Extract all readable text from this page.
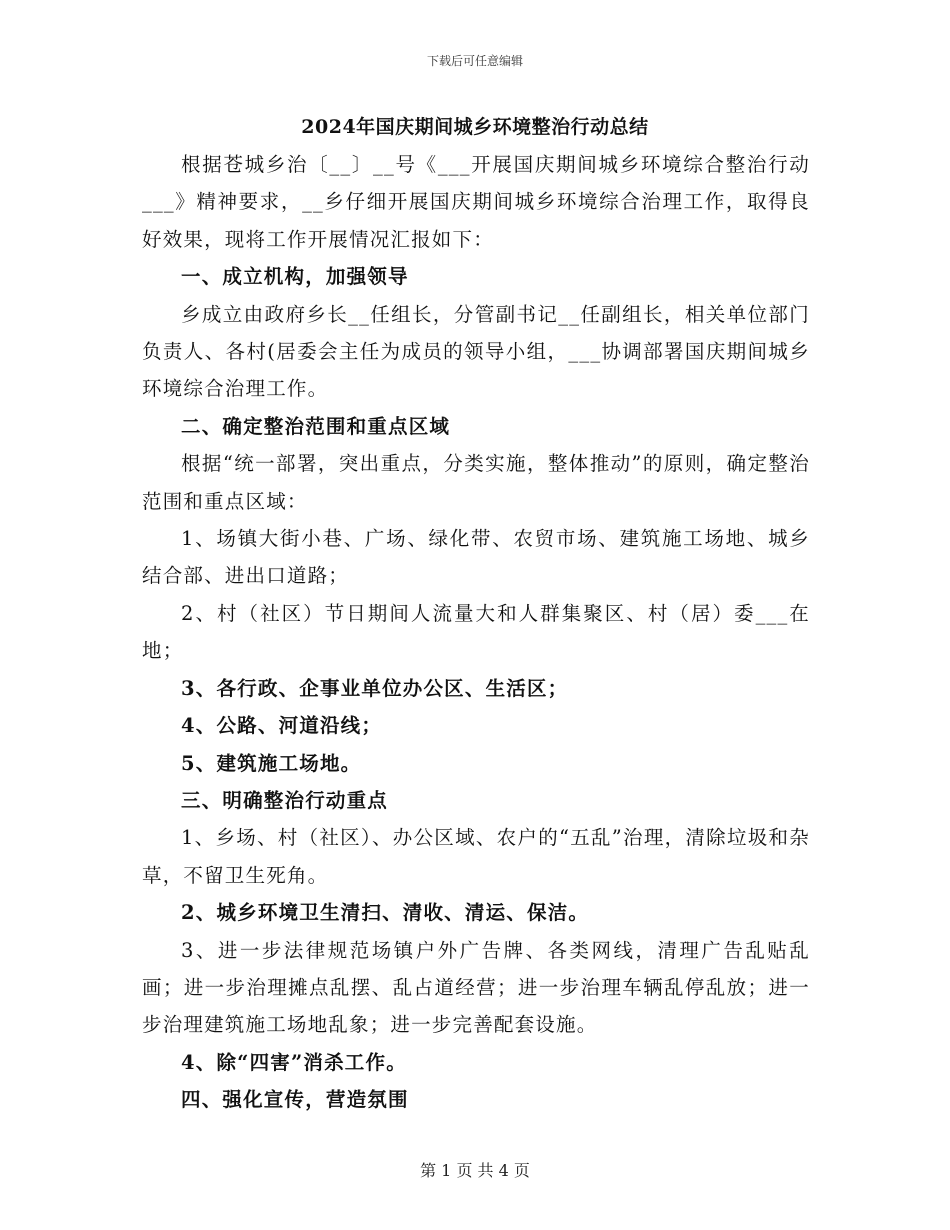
下载后可任意编辑
2024年国庆期间城乡环境整治行动总结

根据苍城乡治〔__〕__号《___开展国庆期间城乡环境综合整治行动___》精神要求，__乡仔细开展国庆期间城乡环境综合治理工作，取得良好效果，现将工作开展情况汇报如下：

一、成立机构，加强领导

乡成立由政府乡长__任组长，分管副书记__任副组长，相关单位部门负责人、各村(居委会主任为成员的领导小组，___协调部署国庆期间城乡环境综合治理工作。

二、确定整治范围和重点区域

根据“统一部署，突出重点，分类实施，整体推动”的原则，确定整治范围和重点区域：

1、场镇大街小巷、广场、绿化带、农贸市场、建筑施工场地、城乡结合部、进出口道路；

2、村（社区）节日期间人流量大和人群集聚区、村（居）委___在地；

3、各行政、企事业单位办公区、生活区；

4、公路、河道沿线；

5、建筑施工场地。

三、明确整治行动重点

1、乡场、村（社区）、办公区域、农户的“五乱”治理，清除垃圾和杂草，不留卫生死角。

2、城乡环境卫生清扫、清收、清运、保洁。

3、进一步法律规范场镇户外广告牌、各类网线，清理广告乱贴乱画；进一步治理摊点乱摆、乱占道经营；进一步治理车辆乱停乱放；进一步治理建筑施工场地乱象；进一步完善配套设施。

4、除“四害”消杀工作。

四、强化宣传，营造氛围

第 1 页 共 4 页
